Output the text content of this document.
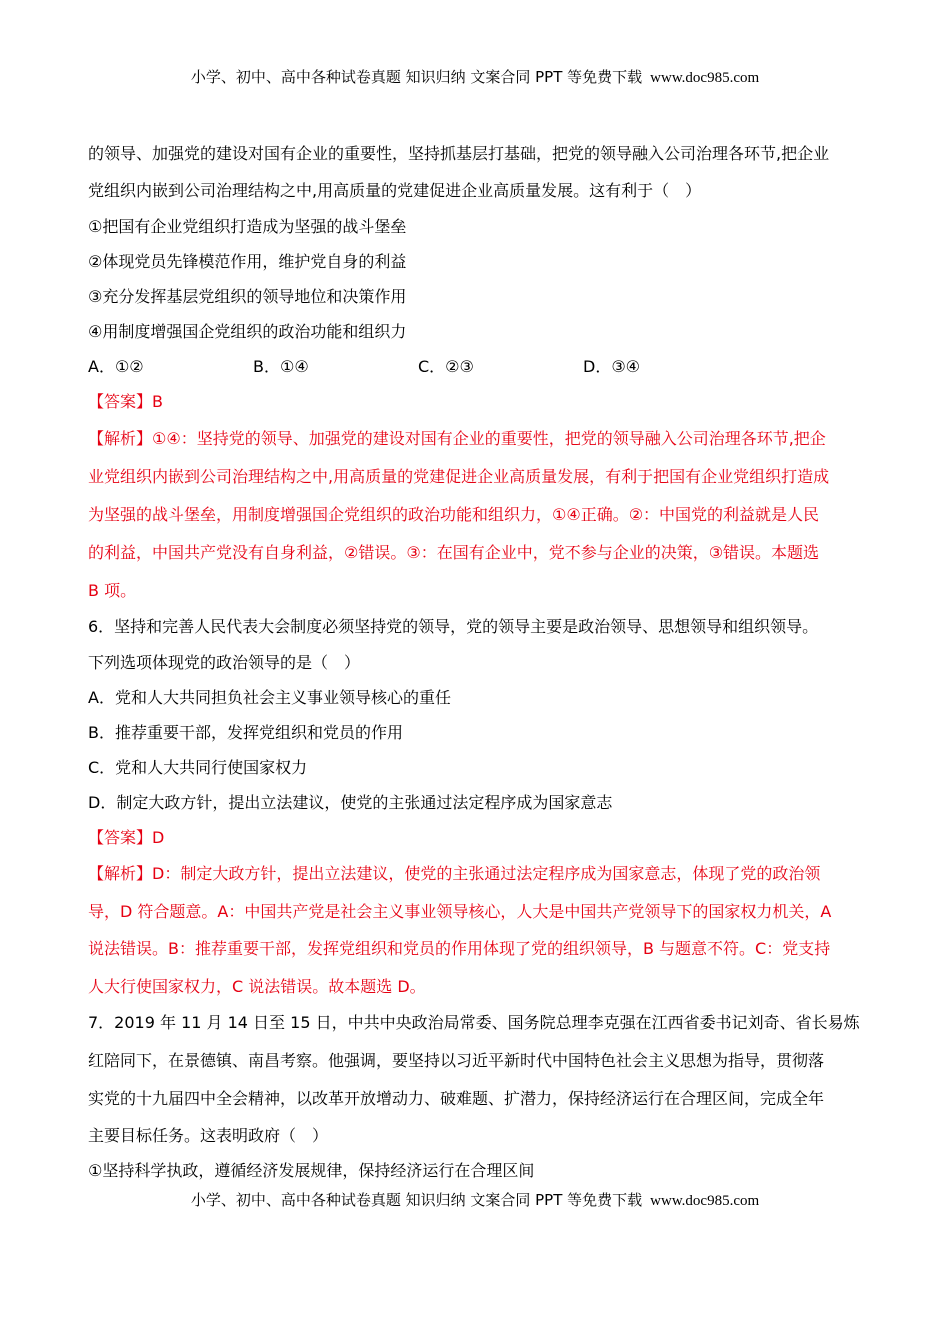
小学、初中、高中各种试卷真题 知识归纳 文案合同 PPT 等免费下载 www.doc985.com
的领导、加强党的建设对国有企业的重要性，坚持抓基层打基础，把党的领导融入公司治理各环节,把企业
党组织内嵌到公司治理结构之中,用高质量的党建促进企业高质量发展。这有利于（　）
①把国有企业党组织打造成为坚强的战斗堡垒
②体现党员先锋模范作用，维护党自身的利益
③充分发挥基层党组织的领导地位和决策作用
④用制度增强国企党组织的政治功能和组织力
A．①②	B．①④	C．②③	D．③④
【答案】B
【解析】①④：坚持党的领导、加强党的建设对国有企业的重要性，把党的领导融入公司治理各环节,把企
业党组织内嵌到公司治理结构之中,用高质量的党建促进企业高质量发展，有利于把国有企业党组织打造成
为坚强的战斗堡垒，用制度增强国企党组织的政治功能和组织力，①④正确。②：中国党的利益就是人民
的利益，中国共产党没有自身利益，②错误。③：在国有企业中，党不参与企业的决策，③错误。本题选
B 项。
6．坚持和完善人民代表大会制度必须坚持党的领导，党的领导主要是政治领导、思想领导和组织领导。
下列选项体现党的政治领导的是（　）
A．党和人大共同担负社会主义事业领导核心的重任
B．推荐重要干部，发挥党组织和党员的作用
C．党和人大共同行使国家权力
D．制定大政方针，提出立法建议，使党的主张通过法定程序成为国家意志
【答案】D
【解析】D：制定大政方针，提出立法建议，使党的主张通过法定程序成为国家意志，体现了党的政治领
导，D 符合题意。A：中国共产党是社会主义事业领导核心，人大是中国共产党领导下的国家权力机关，A
说法错误。B：推荐重要干部，发挥党组织和党员的作用体现了党的组织领导，B 与题意不符。C：党支持
人大行使国家权力，C 说法错误。故本题选 D。
7．2019 年 11 月 14 日至 15 日，中共中央政治局常委、国务院总理李克强在江西省委书记刘奇、省长易炼
红陪同下，在景德镇、南昌考察。他强调，要坚持以习近平新时代中国特色社会主义思想为指导，贯彻落
实党的十九届四中全会精神，以改革开放增动力、破难题、扩潜力，保持经济运行在合理区间，完成全年
主要目标任务。这表明政府（　）
①坚持科学执政，遵循经济发展规律，保持经济运行在合理区间
小学、初中、高中各种试卷真题 知识归纳 文案合同 PPT 等免费下载 www.doc985.com
